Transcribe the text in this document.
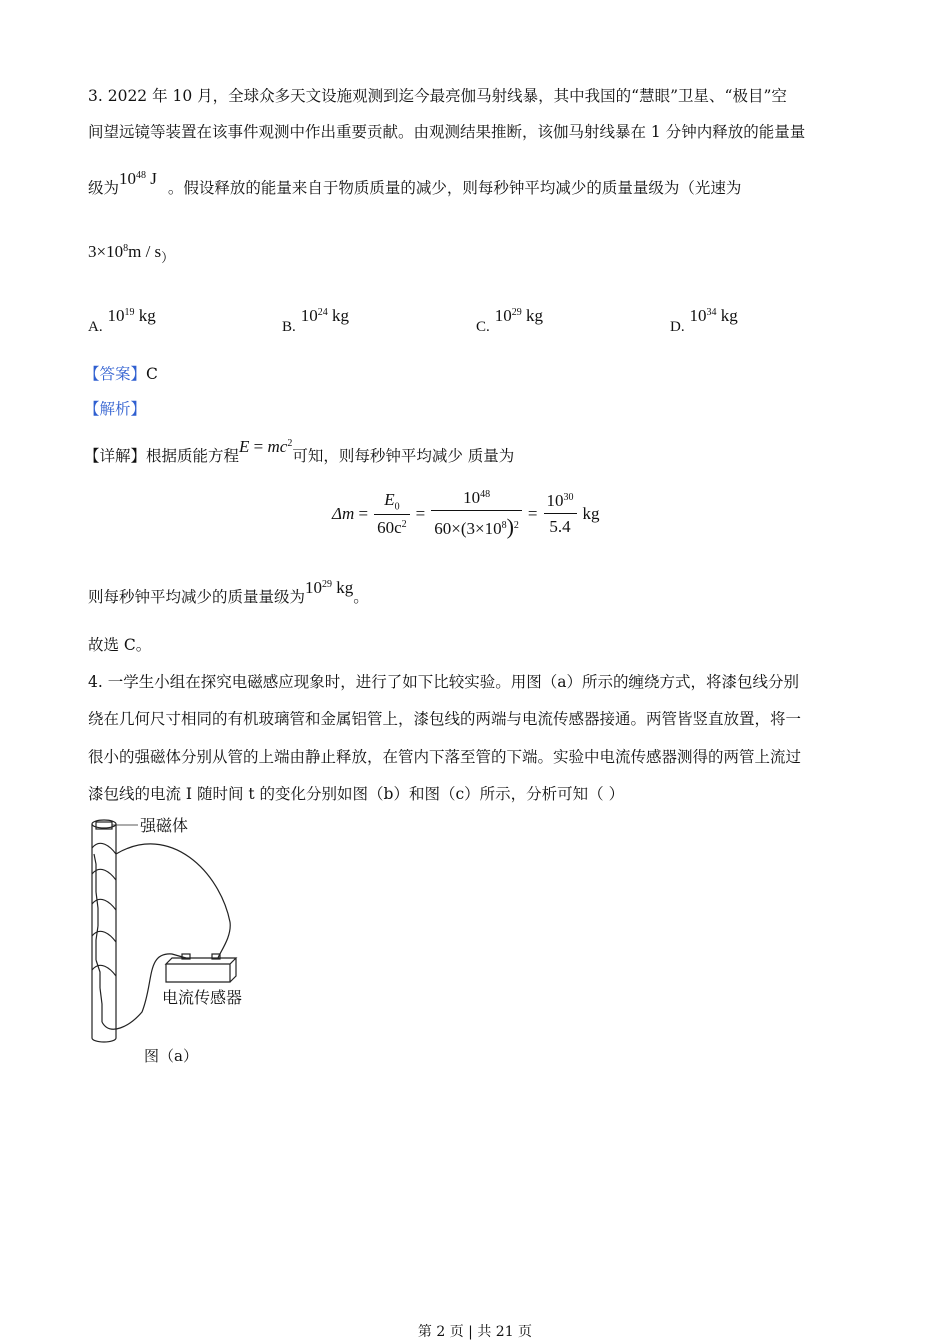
3. 2022 年 10 月，全球众多天文设施观测到迄今最亮伽马射线暴，其中我国的“慧眼”卫星、“极目”空
间望远镜等装置在该事件观测中作出重要贡献。由观测结果推断，该伽马射线暴在 1 分钟内释放的能量量
级为$10^{48}$ J 。假设释放的能量来自于物质质量的减少，则每秒钟平均减少的质量量级为（光速为
$3\times 10^8m / s_)$
A. $10^{19}$ kg
B. $10^{24}$ kg
C. $10^{29}$ kg
D. $10^{34}$ kg
【答案】C
【解析】
【详解】根据质能方程$E = mc^2$可知，则每秒钟平均减少 质量为
$\Delta m = \frac{E_0}{60c^2} = \frac{10^{48}}{60\times(3\times 10^8)^2} = \frac{10^{30}}{5.4}$ kg
则每秒钟平均减少的质量量级为$10^{29}$ kg。
故选 C。
4. 一学生小组在探究电磁感应现象时，进行了如下比较实验。用图（a）所示的缠绕方式，将漆包线分别
绕在几何尺寸相同的有机玻璃管和金属铝管上，漆包线的两端与电流传感器接通。两管皆竖直放置，将一
很小的强磁体分别从管的上端由静止释放，在管内下落至管的下端。实验中电流传感器测得的两管上流过
漆包线的电流 I 随时间 t 的变化分别如图（b）和图（c）所示，分析可知（ ）
强磁体
电流传感器
图（a）
第 2 页 | 共 21 页
